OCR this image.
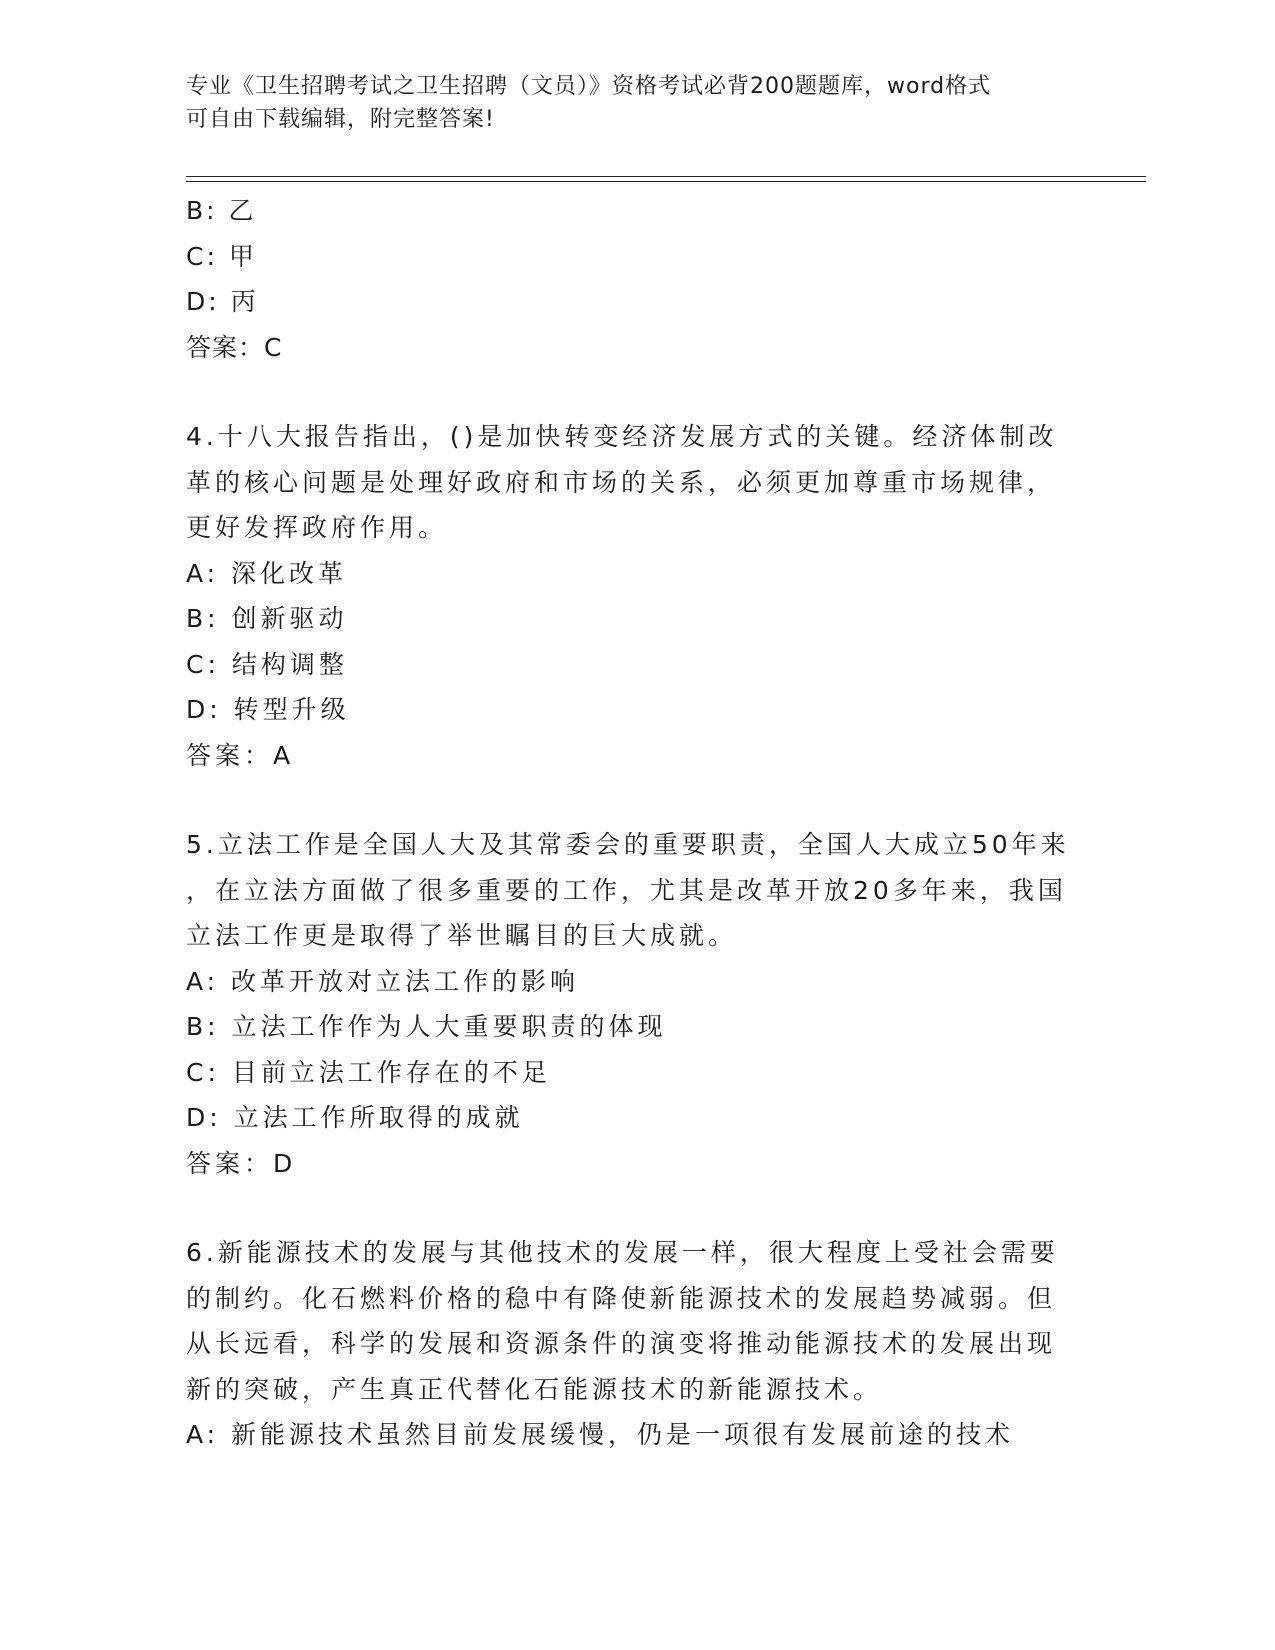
专业《卫生招聘考试之卫生招聘（文员）》资格考试必背200题题库，word格式
可自由下载编辑，附完整答案!
B: 乙
C: 甲
D: 丙
答案：C
4.十八大报告指出，()是加快转变经济发展方式的关键。经济体制改
革的核心问题是处理好政府和市场的关系，必须更加尊重市场规律，
更好发挥政府作用。
A: 深化改革
B: 创新驱动
C: 结构调整
D: 转型升级
答案：A
5.立法工作是全国人大及其常委会的重要职责，全国人大成立50年来
，在立法方面做了很多重要的工作，尤其是改革开放20多年来，我国
立法工作更是取得了举世瞩目的巨大成就。
A: 改革开放对立法工作的影响
B: 立法工作作为人大重要职责的体现
C: 目前立法工作存在的不足
D: 立法工作所取得的成就
答案：D
6.新能源技术的发展与其他技术的发展一样，很大程度上受社会需要
的制约。化石燃料价格的稳中有降使新能源技术的发展趋势减弱。但
从长远看，科学的发展和资源条件的演变将推动能源技术的发展出现
新的突破，产生真正代替化石能源技术的新能源技术。
A: 新能源技术虽然目前发展缓慢，仍是一项很有发展前途的技术
